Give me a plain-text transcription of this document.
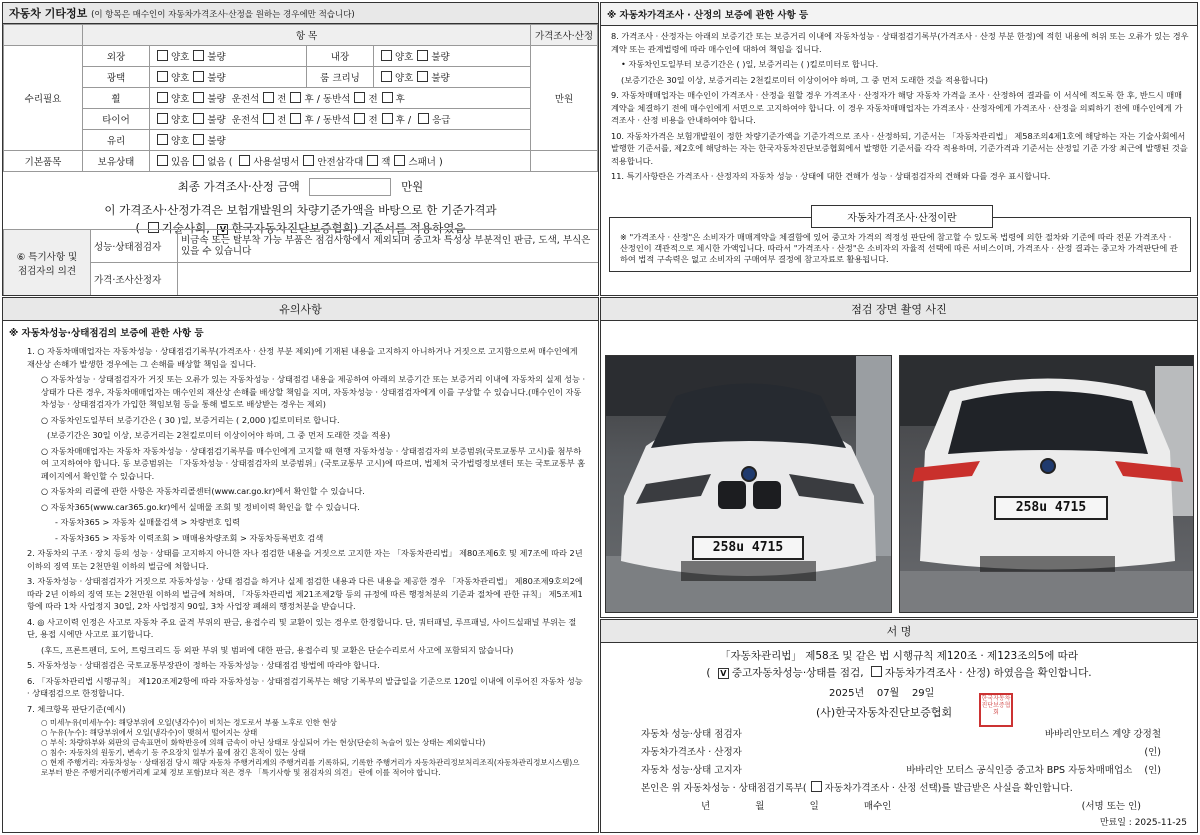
자동차 기타정보 (이 항목은 매수인이 자동차가격조사·산정을 원하는 경우에만 적습니다)
	항 목				가격조사·산정
수리필요	외장	양호 불량	내장	양호 불량	만원
	광택	양호 불량	룸 크리닝	양호 불량	
	휠	양호 불량 운전석 전 후 / 동반석 전 후			
	타이어	양호 불량 운전석 전 후 / 동반석 전 후 / 응급			
	유리	양호 불량			
기본품목	보유상태	있음 없음 ( 사용설명서 안전삼각대 잭 스패너 )			
최종 가격조사·산정 금액	만원
이 가격조사·산정가격은 보험개발원의 차량기준가액을 바탕으로 한 기준가격과
( 기술사회, V 한국자동차진단보증협회) 기준서를 적용하였음
⑥ 특기사항 및
점검자의 의견	성능·상태점검자	비금속 또는 탈부착 가능 부품은 점검사항에서 제외되며 중고차 특성상 부분적인 판금, 도색, 부식은 있을 수 있습니다
	가격·조사산정자	
※ 자동차가격조사 · 산정의 보증에 관한 사항 등

8. 가격조사 · 산정자는 아래의 보증기간 또는 보증거리 이내에 자동차성능 · 상태점검기록부(가격조사 · 산정 부분 한정)에 적힌 내용에 허위 또는 오류가 있는 경우 계약 또는 관계법령에 따라 매수인에 대하여 책임을 집니다.

• 자동차인도일부터 보증기간은 ( )일, 보증거리는 ( )킬로미터로 합니다.

(보증기간은 30일 이상, 보증거리는 2천킬로미터 이상이어야 하며, 그 중 먼저 도래한 것을 적용합니다)

9. 자동차매매업자는 매수인이 가격조사 · 산정을 원할 경우 가격조사 · 산정자가 해당 자동차 가격을 조사 · 산정하여 결과를 이 서식에 적도록 한 후, 반드시 매매계약을 체결하기 전에 매수인에게 서면으로 고지하여야 합니다. 이 경우 자동차매매업자는 가격조사 · 산정자에게 가격조사 · 산정을 의뢰하기 전에 매수인에게 가격조사 · 산정 비용을 안내하여야 합니다.

10. 자동차가격은 보험개발원이 정한 차량기준가액을 기준가격으로 조사 · 산정하되, 기준서는 「자동차관리법」 제58조의4제1호에 해당하는 자는 기술사회에서 발행한 기준서를, 제2호에 해당하는 자는 한국자동차진단보증협회에서 발행한 기준서를 각각 적용하며, 기준가격과 기준서는 산정일 기준 가장 최근에 발행된 것을 적용합니다.

11. 특기사항란은 가격조사 · 산정자의 자동차 성능 · 상태에 대한 견해가 성능 · 상태점검자의 견해와 다를 경우 표시합니다.

자동차가격조사·산정이란
※ "가격조사 · 산정"은 소비자가 매매계약을 체결함에 있어 중고차 가격의 적정성 판단에 참고할 수 있도록 법령에 의한 절차와 기준에 따라 전문 가격조사 · 산정인이 객관적으로 제시한 가액입니다. 따라서 "가격조사 · 산정"은 소비자의 자율적 선택에 따른 서비스이며, 가격조사 · 산정 결과는 중고차 가격판단에 관하여 법적 구속력은 없고 소비자의 구매여부 결정에 참고자료로 활용됩니다.
유의사항
※ 자동차성능·상태점검의 보증에 관한 사항 등

1. ○ 자동차매매업자는 자동차성능 · 상태점검기록부(가격조사 · 산정 부분 제외)에 기재된 내용을 고지하지 아니하거나 거짓으로 고지함으로써 매수인에게 재산상 손해가 발생한 경우에는 그 손해를 배상할 책임을 집니다.

○ 자동차성능 · 상태점검자가 거짓 또는 오류가 있는 자동차성능 · 상태점검 내용을 제공하여 아래의 보증기간 또는 보증거리 이내에 자동차의 실제 성능 · 상태가 다른 경우, 자동차매매업자는 매수인의 재산상 손해를 배상할 책임을 지며, 자동차성능 · 상태점검자에게 이를 구상할 수 있습니다.(매수인이 자동차성능 · 상태점검자가 가입한 책임보험 등을 통해 별도로 배상받는 경우는 제외)

○ 자동차인도일부터 보증기간은 ( 30 )일, 보증거리는 ( 2,000 )킬로미터로 합니다.

(보증기간은 30일 이상, 보증거리는 2천킬로미터 이상이어야 하며, 그 중 먼저 도래한 것을 적용)

○ 자동차매매업자는 자동차 자동차성능 · 상태점검기록부를 매수인에게 고지할 때 현행 자동차성능 · 상태점검자의 보증범위(국토교통부 고시)를 첨부하여 고지하여야 합니다. 동 보증범위는 「자동차성능 · 상태점검자의 보증범위」(국토교통부 고시)에 따르며, 법제처 국가법령정보센터 또는 국토교통부 홈페이지에서 확인할 수 있습니다.

○ 자동차의 리콜에 관한 사항은 자동차리콜센터(www.car.go.kr)에서 확인할 수 있습니다.

○ 자동차365(www.car365.go.kr)에서 실매물 조회 및 정비이력 확인을 할 수 있습니다.

- 자동차365 > 자동차 실매물검색 > 차량번호 입력

- 자동차365 > 자동차 이력조회 > 매매용차량조회 > 자동차등록번호 검색

2. 자동차의 구조 · 장치 등의 성능 · 상태를 고지하지 아니한 자나 점검한 내용을 거짓으로 고지한 자는 「자동차관리법」 제80조제6호 및 제7조에 따라 2년 이하의 징역 또는 2천만원 이하의 벌금에 처합니다.

3. 자동차성능 · 상태점검자가 거짓으로 자동차성능 · 상태 점검을 하거나 실제 점검한 내용과 다른 내용을 제공한 경우 「자동차관리법」 제80조제9호의2에 따라 2년 이하의 징역 또는 2천만원 이하의 벌금에 처하며, 「자동차관리법 제21조제2항 등의 규정에 따른 행정처분의 기준과 절차에 관한 규칙」 제5조제1항에 따라 1차 사업정지 30일, 2차 사업정지 90일, 3차 사업장 폐쇄의 행정처분을 받습니다.

4. ◎ 사고이력 인정은 사고로 자동차 주요 골격 부위의 판금, 용접수리 및 교환이 있는 경우로 한정합니다. 단, 쿼터패널, 루프패널, 사이드실패널 부위는 절단, 용접 시에만 사고로 표기합니다.

(후드, 프론트펜더, 도어, 트렁크리드 등 외판 부위 및 범퍼에 대한 판금, 용접수리 및 교환은 단순수리로서 사고에 포함되지 않습니다)

5. 자동차성능 · 상태점검은 국토교통부장관이 정하는 자동차성능 · 상태점검 방법에 따라야 합니다.

6. 「자동차관리법 시행규칙」 제120조제2항에 따라 자동차성능 · 상태점검기록부는 해당 기록부의 발급일을 기준으로 120일 이내에 이루어진 자동차 성능 · 상태점검으로 한정합니다.

7. 체크항목 판단기준(예시)

○ 미세누유(미세누수): 해당부위에 오일(냉각수)이 비치는 정도로서 부품 노후로 인한 현상

○ 누유(누수): 해당부위에서 오일(냉각수)이 맺혀서 떨어지는 상태

○ 부식: 차량하부와 외판의 금속표면이 화학반응에 의해 금속이 아닌 상태로 상실되어 가는 현상(단순히 녹슬어 있는 상태는 제외합니다)

○ 침수: 자동차의 원동기, 변속기 등 주요장치 일부가 물에 잠긴 흔적이 있는 상태

○ 현재 주행거리: 자동차성능 · 상태점검 당시 해당 자동차 주행거리계의 주행거리를 기록하되, 기록한 주행거리가 자동차관리정보처리조직(자동차관리정보시스템)으로부터 받은 주행거리(주행거리계 교체 정보 포함)보다 적은 경우 「특기사항 및 점검자의 의견」 란에 이를 적어야 합니다.

점검 장면 촬영 사진
258u 4715
258u 4715
서 명
「자동차관리법」 제58조 및 같은 법 시행규칙 제120조 · 제123조의5에 따라
( V 중고자동차성능·상태를 점검, 자동차가격조사 · 산정) 하였음을 확인합니다.
2025년 07월 29일
(사)한국자동차진단보증협회
한국자동차진단보증협회
자동차 성능·상태 점검자	바바리안모터스 계양 강정철
자동차가격조사 · 산정자	(인)
자동차 성능·상태 고지자	바바리안 모터스 공식인증 중고차 BPS 자동차매매업소 (인)
본인은 위 자동차성능 · 상태점검기록부( 자동차가격조사 · 산정 선택)를 발급받은 사실을 확인합니다.
년	월	일	매수인	(서명 또는 인)
만료일 : 2025-11-25
